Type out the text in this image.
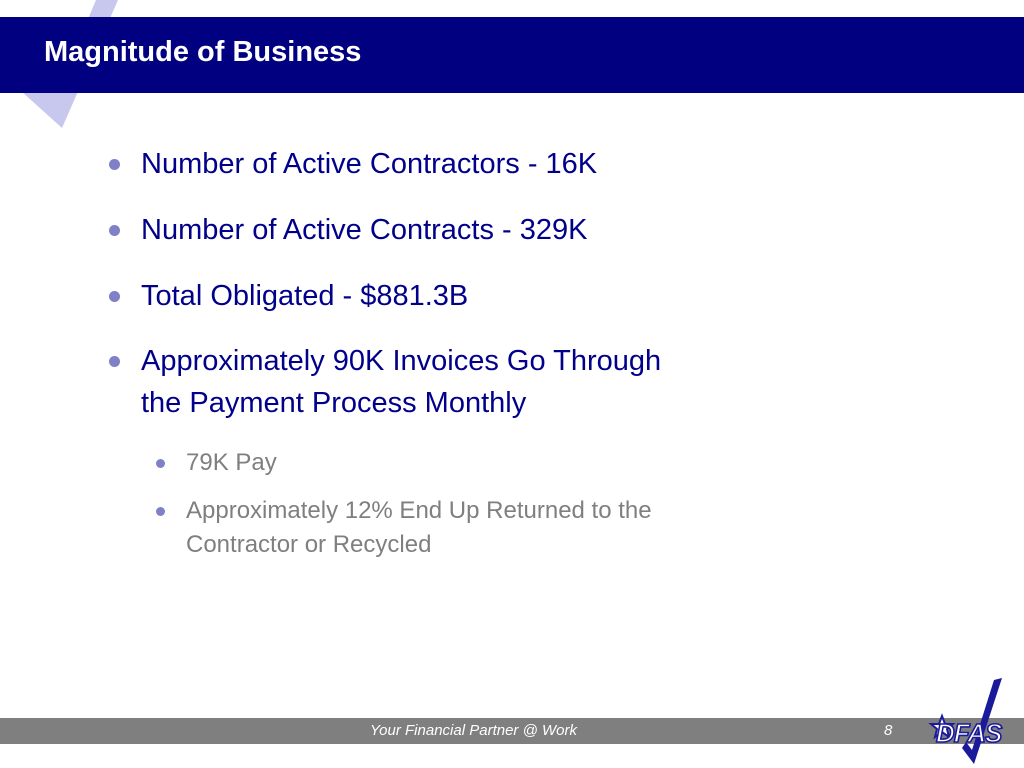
Magnitude of Business
Number of Active Contractors - 16K
Number of Active Contracts - 329K
Total Obligated - $881.3B
Approximately 90K Invoices Go Through
the Payment Process Monthly
79K Pay
Approximately 12% End Up Returned to the
Contractor or Recycled
Your Financial Partner @ Work	8 DFAS
